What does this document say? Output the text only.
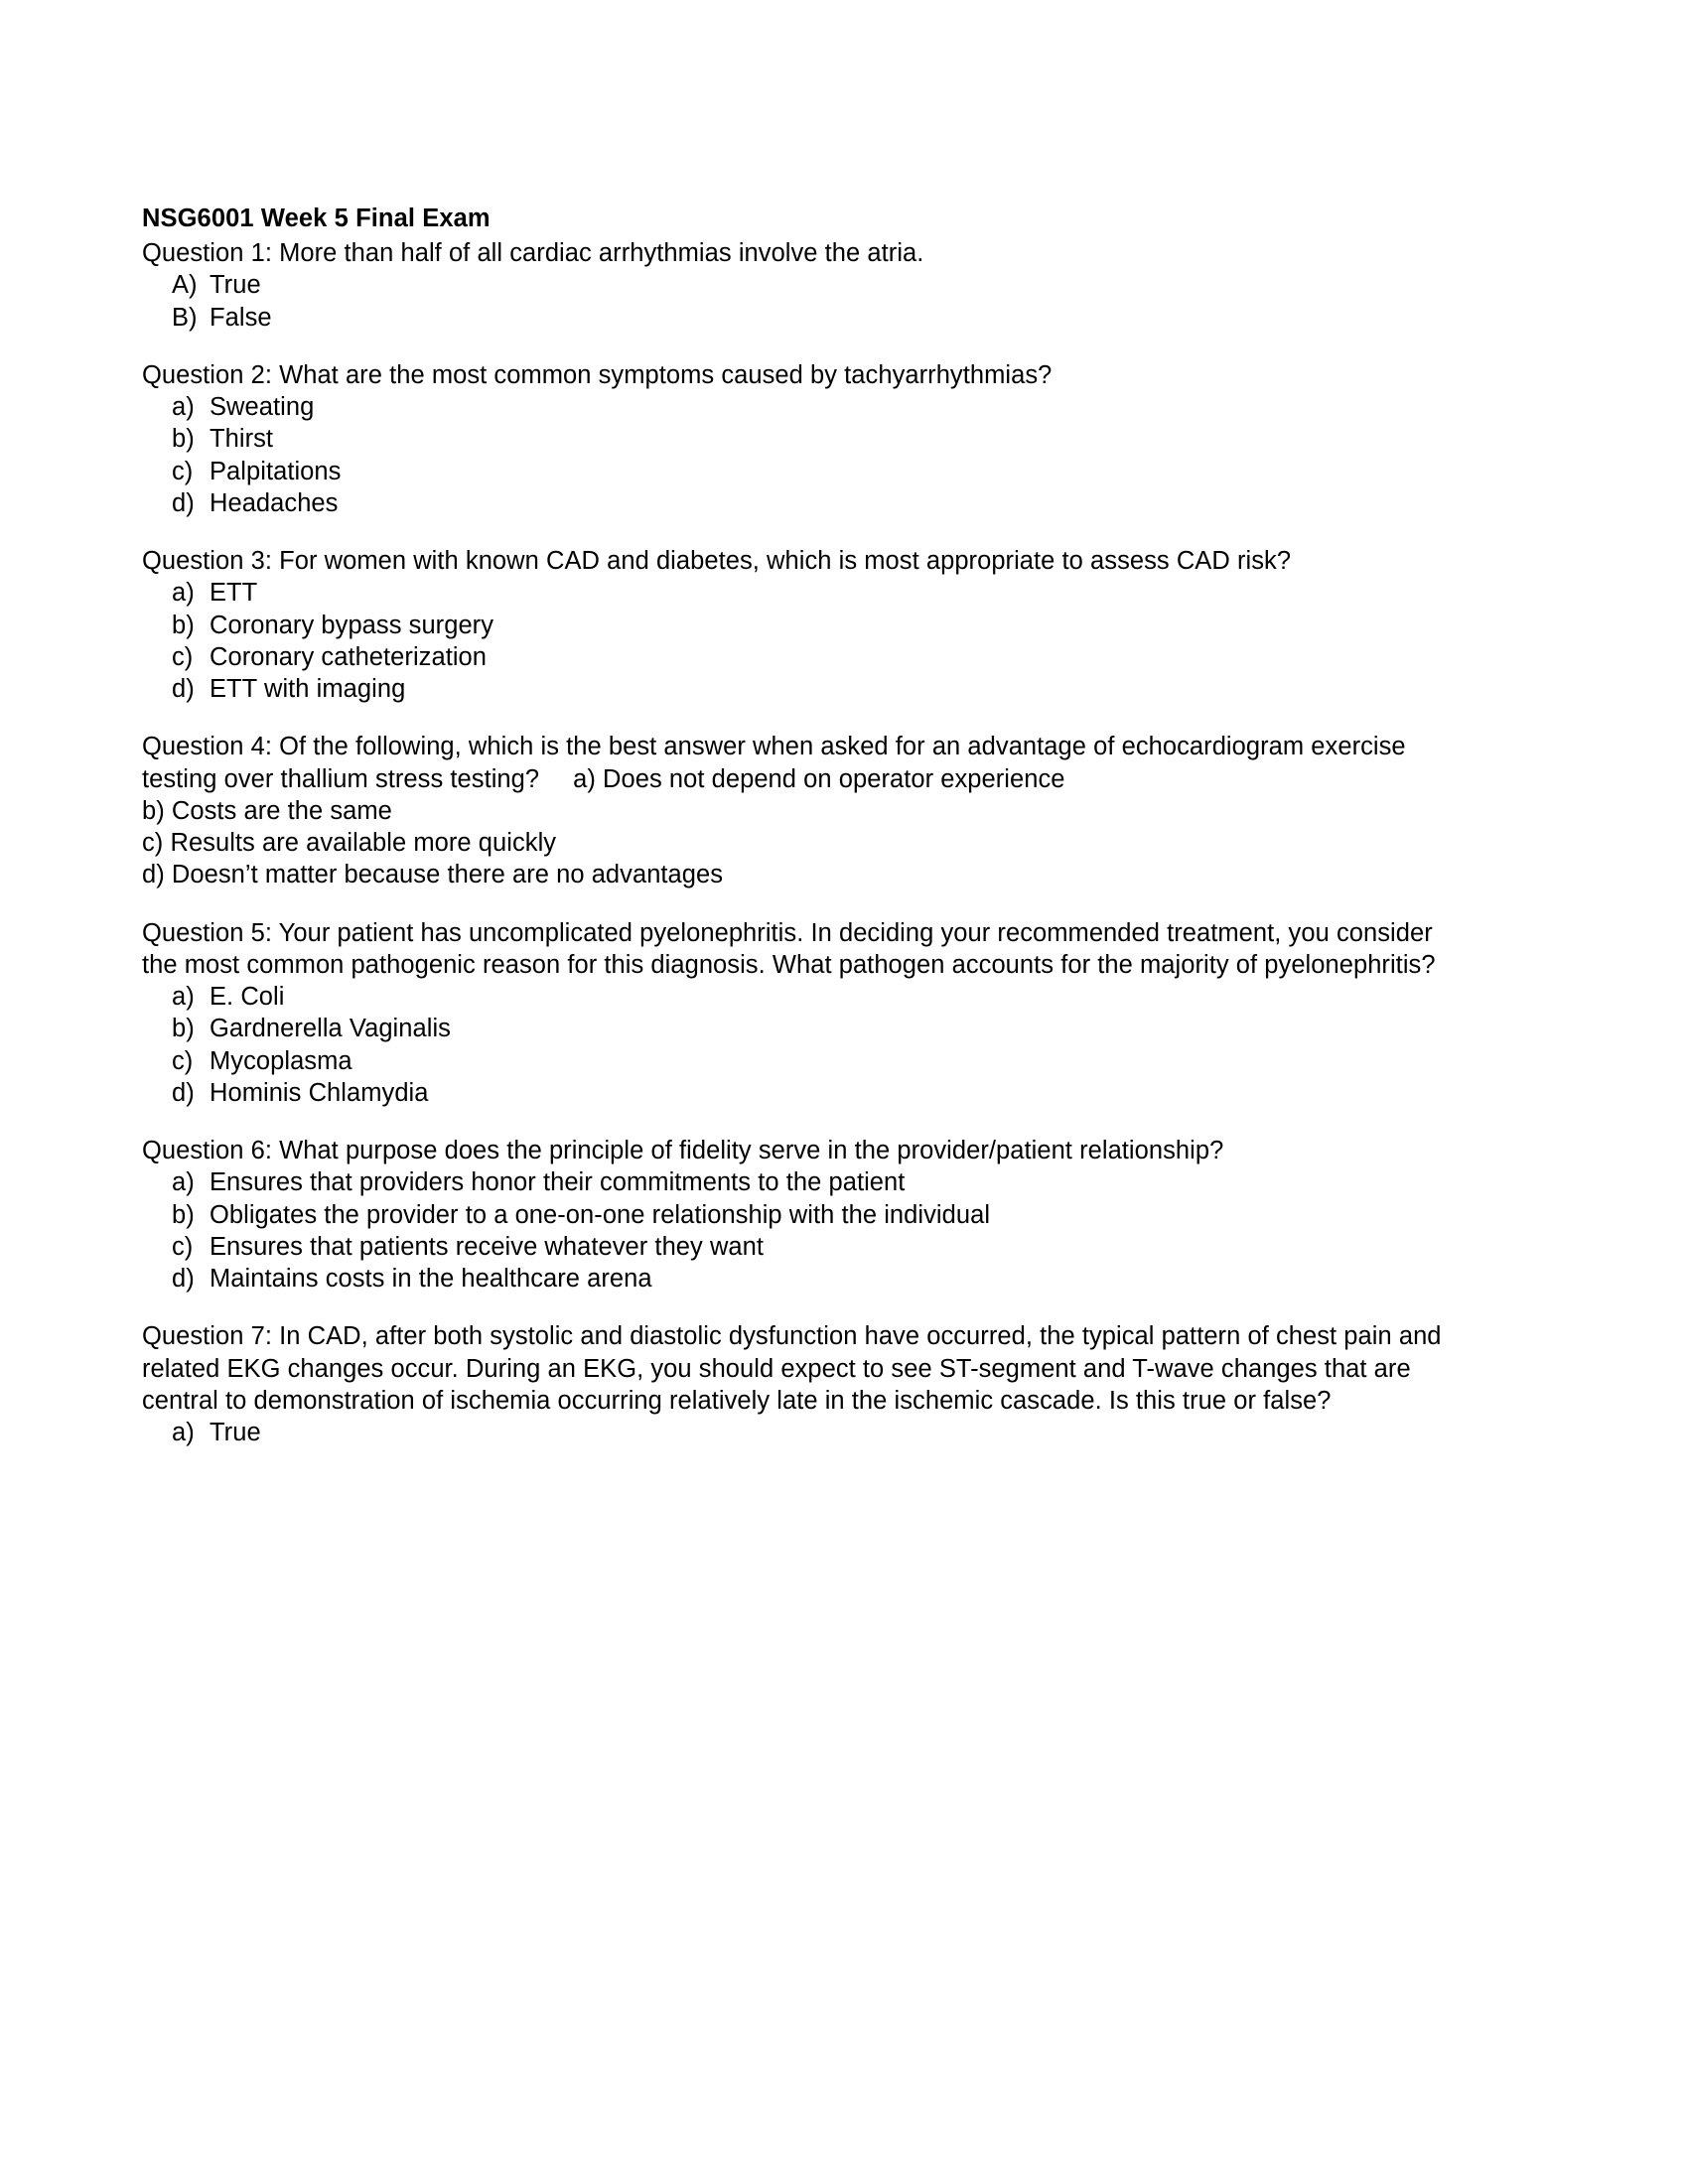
NSG6001 Week 5 Final Exam

Question 1: More than half of all cardiac arrhythmias involve the atria.

A) True
B) False

Question 2: What are the most common symptoms caused by tachyarrhythmias?

a) Sweating
b) Thirst
c) Palpitations
d) Headaches

Question 3: For women with known CAD and diabetes, which is most appropriate to assess CAD risk?

a) ETT
b) Coronary bypass surgery
c) Coronary catheterization
d) ETT with imaging

Question 4: Of the following, which is the best answer when asked for an advantage of echocardiogram exercise testing over thallium stress testing? a) Does not depend on operator experience

b) Costs are the same

c) Results are available more quickly

d) Doesn’t matter because there are no advantages

Question 5: Your patient has uncomplicated pyelonephritis. In deciding your recommended treatment, you consider the most common pathogenic reason for this diagnosis. What pathogen accounts for the majority of pyelonephritis?

a) E. Coli
b) Gardnerella Vaginalis
c) Mycoplasma
d) Hominis Chlamydia

Question 6: What purpose does the principle of fidelity serve in the provider/patient relationship?

a) Ensures that providers honor their commitments to the patient
b) Obligates the provider to a one-on-one relationship with the individual
c) Ensures that patients receive whatever they want
d) Maintains costs in the healthcare arena

Question 7: In CAD, after both systolic and diastolic dysfunction have occurred, the typical pattern of chest pain and related EKG changes occur. During an EKG, you should expect to see ST-segment and T-wave changes that are central to demonstration of ischemia occurring relatively late in the ischemic cascade. Is this true or false?

a) True
